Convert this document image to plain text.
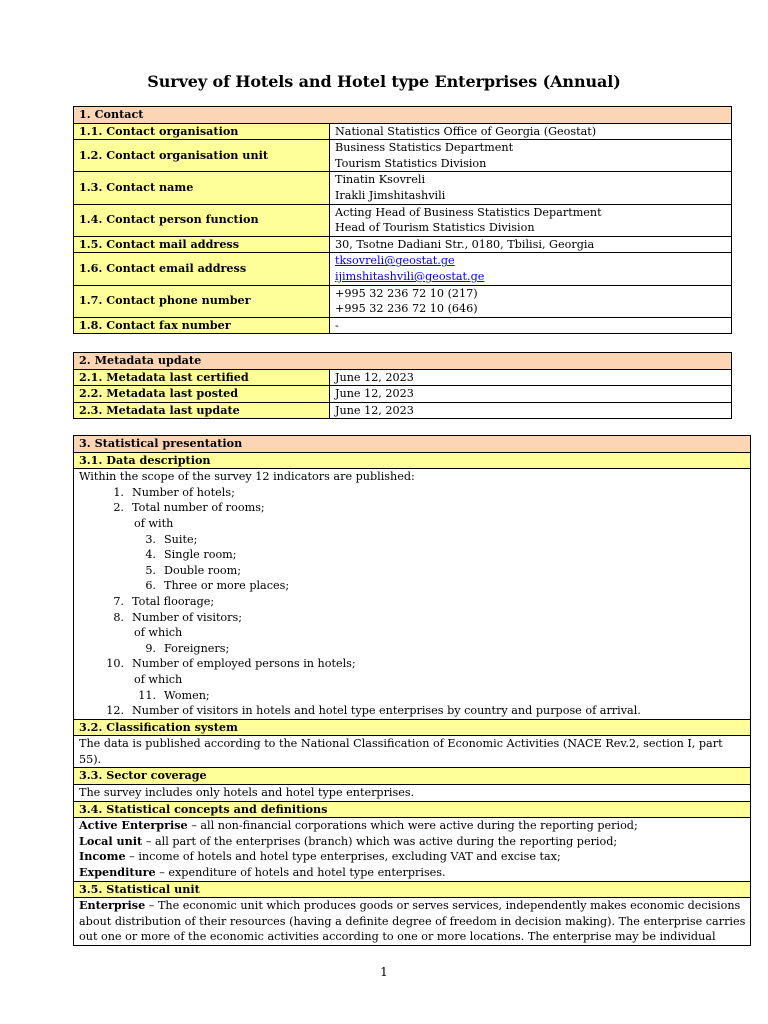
Survey of Hotels and Hotel type Enterprises (Annual)
1. Contact	
1.1. Contact organisation	National Statistics Office of Georgia (Geostat)

1.2. Contact organisation unit	Business Statistics Department
Tourism Statistics Division

1.3. Contact name	Tinatin Ksovreli
Irakli Jimshitashvili

1.4. Contact person function	Acting Head of Business Statistics Department
Head of Tourism Statistics Division

1.5. Contact mail address	30, Tsotne Dadiani Str., 0180, Tbilisi, Georgia

1.6. Contact email address	tksovreli@geostat.ge
ijimshitashvili@geostat.ge

1.7. Contact phone number	+995 32 236 72 10 (217)
+995 32 236 72 10 (646)

1.8. Contact fax number	-
2. Metadata update	
2.1. Metadata last certified	June 12, 2023
2.2. Metadata last posted	June 12, 2023
2.3. Metadata last update	June 12, 2023
3. Statistical presentation
3.1. Data description

Within the scope of the survey 12 indicators are published:
1. Number of hotels;
2. Total number of rooms;
of with
3. Suite;
4. Single room;
5. Double room;
6. Three or more places;
7. Total floorage;
8. Number of visitors;
of which
9. Foreigners;
10. Number of employed persons in hotels;
of which
11. Women;
12. Number of visitors in hotels and hotel type enterprises by country and purpose of arrival.

3.2. Classification system
The data is published according to the National Classification of Economic Activities (NACE Rev.2, section I, part 55).
3.3. Sector coverage
The survey includes only hotels and hotel type enterprises.
3.4. Statistical concepts and definitions

Active Enterprise – all non-financial corporations which were active during the reporting period;
Local unit – all part of the enterprises (branch) which was active during the reporting period;
Income – income of hotels and hotel type enterprises, excluding VAT and excise tax;
Expenditure – expenditure of hotels and hotel type enterprises.

3.5. Statistical unit

Enterprise – The economic unit which produces goods or serves services, independently makes economic decisions
about distribution of their resources (having a definite degree of freedom in decision making). The enterprise carries
out one or more of the economic activities according to one or more locations. The enterprise may be individual
1
